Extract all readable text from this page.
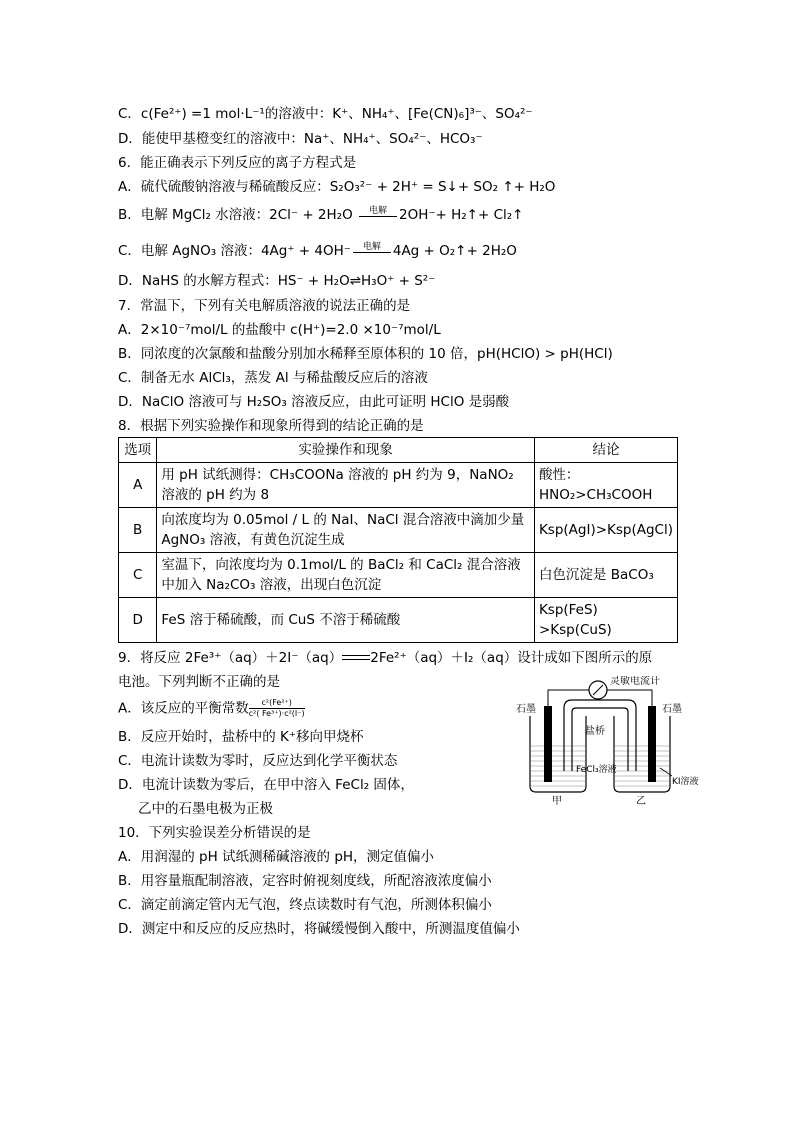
C．c(Fe²⁺) =1 mol·L⁻¹的溶液中：K⁺、NH₄⁺、[Fe(CN)₆]³⁻、SO₄²⁻
D．能使甲基橙变红的溶液中：Na⁺、NH₄⁺、SO₄²⁻、HCO₃⁻
6．能正确表示下列反应的离子方程式是
A．硫代硫酸钠溶液与稀硫酸反应：S₂O₃²⁻ + 2H⁺ = S↓+ SO₂ ↑+ H₂O
B．电解 MgCl₂ 水溶液：2Cl⁻ + 2H₂O	电解 2OH⁻+ H₂↑+ Cl₂↑
C．电解 AgNO₃ 溶液：4Ag⁺ + 4OH⁻	电解 4Ag + O₂↑+ 2H₂O
D．NaHS 的水解方程式：HS⁻ + H₂O⇌H₃O⁺ + S²⁻
7．常温下，下列有关电解质溶液的说法正确的是
A．2×10⁻⁷mol/L 的盐酸中 c(H⁺)=2.0 ×10⁻⁷mol/L
B．同浓度的次氯酸和盐酸分别加水稀释至原体积的 10 倍，pH(HClO) > pH(HCl)
C．制备无水 AlCl₃，蒸发 Al 与稀盐酸反应后的溶液
D．NaClO 溶液可与 H₂SO₃ 溶液反应，由此可证明 HClO 是弱酸
8．根据下列实验操作和现象所得到的结论正确的是
选项	实验操作和现象	结论
A	用 pH 试纸测得：CH₃COONa 溶液的 pH 约为 9，NaNO₂ 溶液的 pH 约为 8	酸性：HNO₂>CH₃COOH
B	向浓度均为 0.05mol / L 的 NaI、NaCl 混合溶液中滴加少量 AgNO₃ 溶液，有黄色沉淀生成	Ksp(AgI)>Ksp(AgCl)
C	室温下，向浓度均为 0.1mol/L 的 BaCl₂ 和 CaCl₂ 混合溶液中加入 Na₂CO₃ 溶液，出现白色沉淀	白色沉淀是 BaCO₃
D	FeS 溶于稀硫酸，而 CuS 不溶于稀硫酸	Ksp(FeS) >Ksp(CuS)
9．将反应 2Fe³⁺（aq）＋2I⁻（aq） 2Fe²⁺（aq）＋I₂（aq）设计成如下图所示的原
电池。下列判断不正确的是
A．该反应的平衡常数 $\frac{\text{c²(Fe²⁺)}}{\text{c²( Fe³⁺)·c²(I⁻)}}$
B．反应开始时，盐桥中的 K⁺移向甲烧杯
C．电流计读数为零时，反应达到化学平衡状态
D．电流计读数为零后，在甲中溶入 FeCl₂ 固体，
乙中的石墨电极为正极
灵敏电流计
石墨	石墨
盐桥
FeCl₃溶液
KI溶液
甲	乙
10．下列实验误差分析错误的是
A．用润湿的 pH 试纸测稀碱溶液的 pH，测定值偏小
B．用容量瓶配制溶液，定容时俯视刻度线，所配溶液浓度偏小
C．滴定前滴定管内无气泡，终点读数时有气泡，所测体积偏小
D．测定中和反应的反应热时，将碱缓慢倒入酸中，所测温度值偏小
